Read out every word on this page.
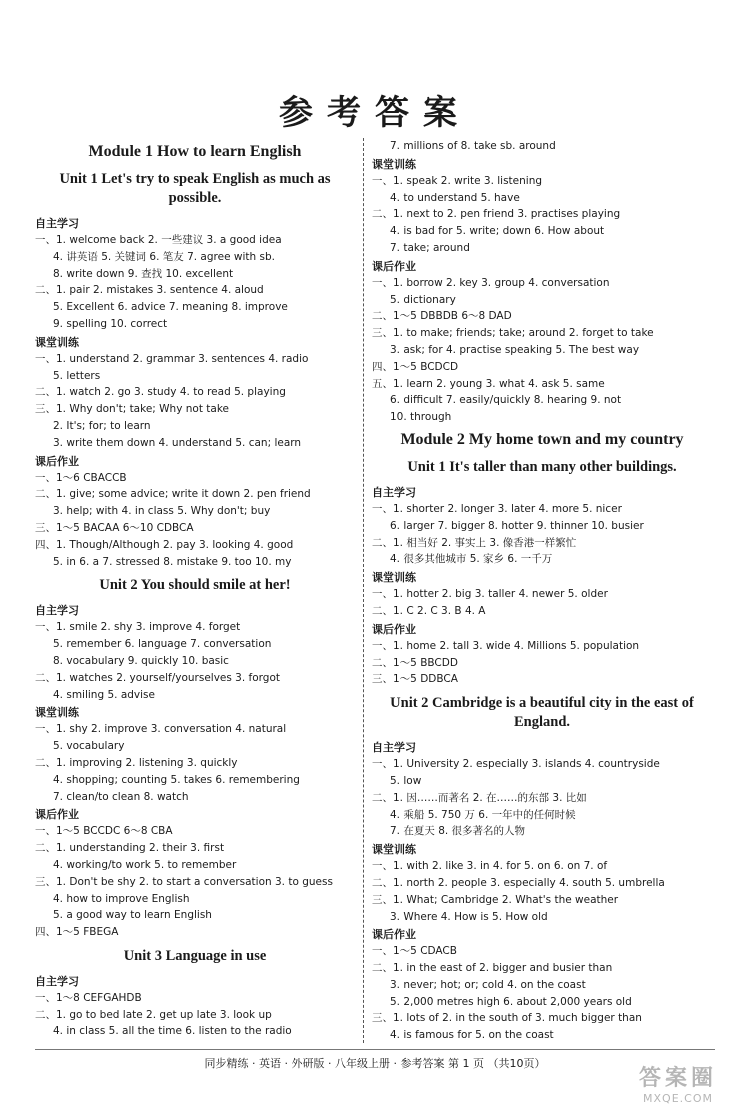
参考答案
Module 1 How to learn English
Unit 1 Let's try to speak English as much as possible.
自主学习
一、1. welcome back 2. 一些建议 3. a good idea
4. 讲英语 5. 关键词 6. 笔友 7. agree with sb.
8. write down 9. 查找 10. excellent
二、1. pair 2. mistakes 3. sentence 4. aloud
5. Excellent 6. advice 7. meaning 8. improve
9. spelling 10. correct
课堂训练
一、1. understand 2. grammar 3. sentences 4. radio
5. letters
二、1. watch 2. go 3. study 4. to read 5. playing
三、1. Why don't; take; Why not take
2. It's; for; to learn
3. write them down 4. understand 5. can; learn
课后作业
一、1～6 CBACCB
二、1. give; some advice; write it down 2. pen friend
3. help; with 4. in class 5. Why don't; buy
三、1～5 BACAA 6～10 CDBCA
四、1. Though/Although 2. pay 3. looking 4. good
5. in 6. a 7. stressed 8. mistake 9. too 10. my
Unit 2 You should smile at her!
自主学习
一、1. smile 2. shy 3. improve 4. forget
5. remember 6. language 7. conversation
8. vocabulary 9. quickly 10. basic
二、1. watches 2. yourself/yourselves 3. forgot
4. smiling 5. advise
课堂训练
一、1. shy 2. improve 3. conversation 4. natural
5. vocabulary
二、1. improving 2. listening 3. quickly
4. shopping; counting 5. takes 6. remembering
7. clean/to clean 8. watch
课后作业
一、1～5 BCCDC 6～8 CBA
二、1. understanding 2. their 3. first
4. working/to work 5. to remember
三、1. Don't be shy 2. to start a conversation 3. to guess
4. how to improve English
5. a good way to learn English
四、1～5 FBEGA
Unit 3 Language in use
自主学习
一、1～8 CEFGAHDB
二、1. go to bed late 2. get up late 3. look up
4. in class 5. all the time 6. listen to the radio
7. millions of 8. take sb. around
课堂训练
一、1. speak 2. write 3. listening
4. to understand 5. have
二、1. next to 2. pen friend 3. practises playing
4. is bad for 5. write; down 6. How about
7. take; around
课后作业
一、1. borrow 2. key 3. group 4. conversation
5. dictionary
二、1～5 DBBDB 6～8 DAD
三、1. to make; friends; take; around 2. forget to take
3. ask; for 4. practise speaking 5. The best way
四、1～5 BCDCD
五、1. learn 2. young 3. what 4. ask 5. same
6. difficult 7. easily/quickly 8. hearing 9. not
10. through
Module 2 My home town and my country
Unit 1 It's taller than many other buildings.
自主学习
一、1. shorter 2. longer 3. later 4. more 5. nicer
6. larger 7. bigger 8. hotter 9. thinner 10. busier
二、1. 相当好 2. 事实上 3. 像香港一样繁忙
4. 很多其他城市 5. 家乡 6. 一千万
课堂训练
一、1. hotter 2. big 3. taller 4. newer 5. older
二、1. C 2. C 3. B 4. A
课后作业
一、1. home 2. tall 3. wide 4. Millions 5. population
二、1～5 BBCDD
三、1～5 DDBCA
Unit 2 Cambridge is a beautiful city in the east of England.
自主学习
一、1. University 2. especially 3. islands 4. countryside
5. low
二、1. 因……而著名 2. 在……的东部 3. 比如
4. 乘船 5. 750 万 6. 一年中的任何时候
7. 在夏天 8. 很多著名的人物
课堂训练
一、1. with 2. like 3. in 4. for 5. on 6. on 7. of
二、1. north 2. people 3. especially 4. south 5. umbrella
三、1. What; Cambridge 2. What's the weather
3. Where 4. How is 5. How old
课后作业
一、1～5 CDACB
二、1. in the east of 2. bigger and busier than
3. never; hot; or; cold 4. on the coast
5. 2,000 metres high 6. about 2,000 years old
三、1. lots of 2. in the south of 3. much bigger than
4. is famous for 5. on the coast
同步精练 · 英语 · 外研版 · 八年级上册 · 参考答案 第 1 页 （共10页）
答案圈
MXQE.COM
